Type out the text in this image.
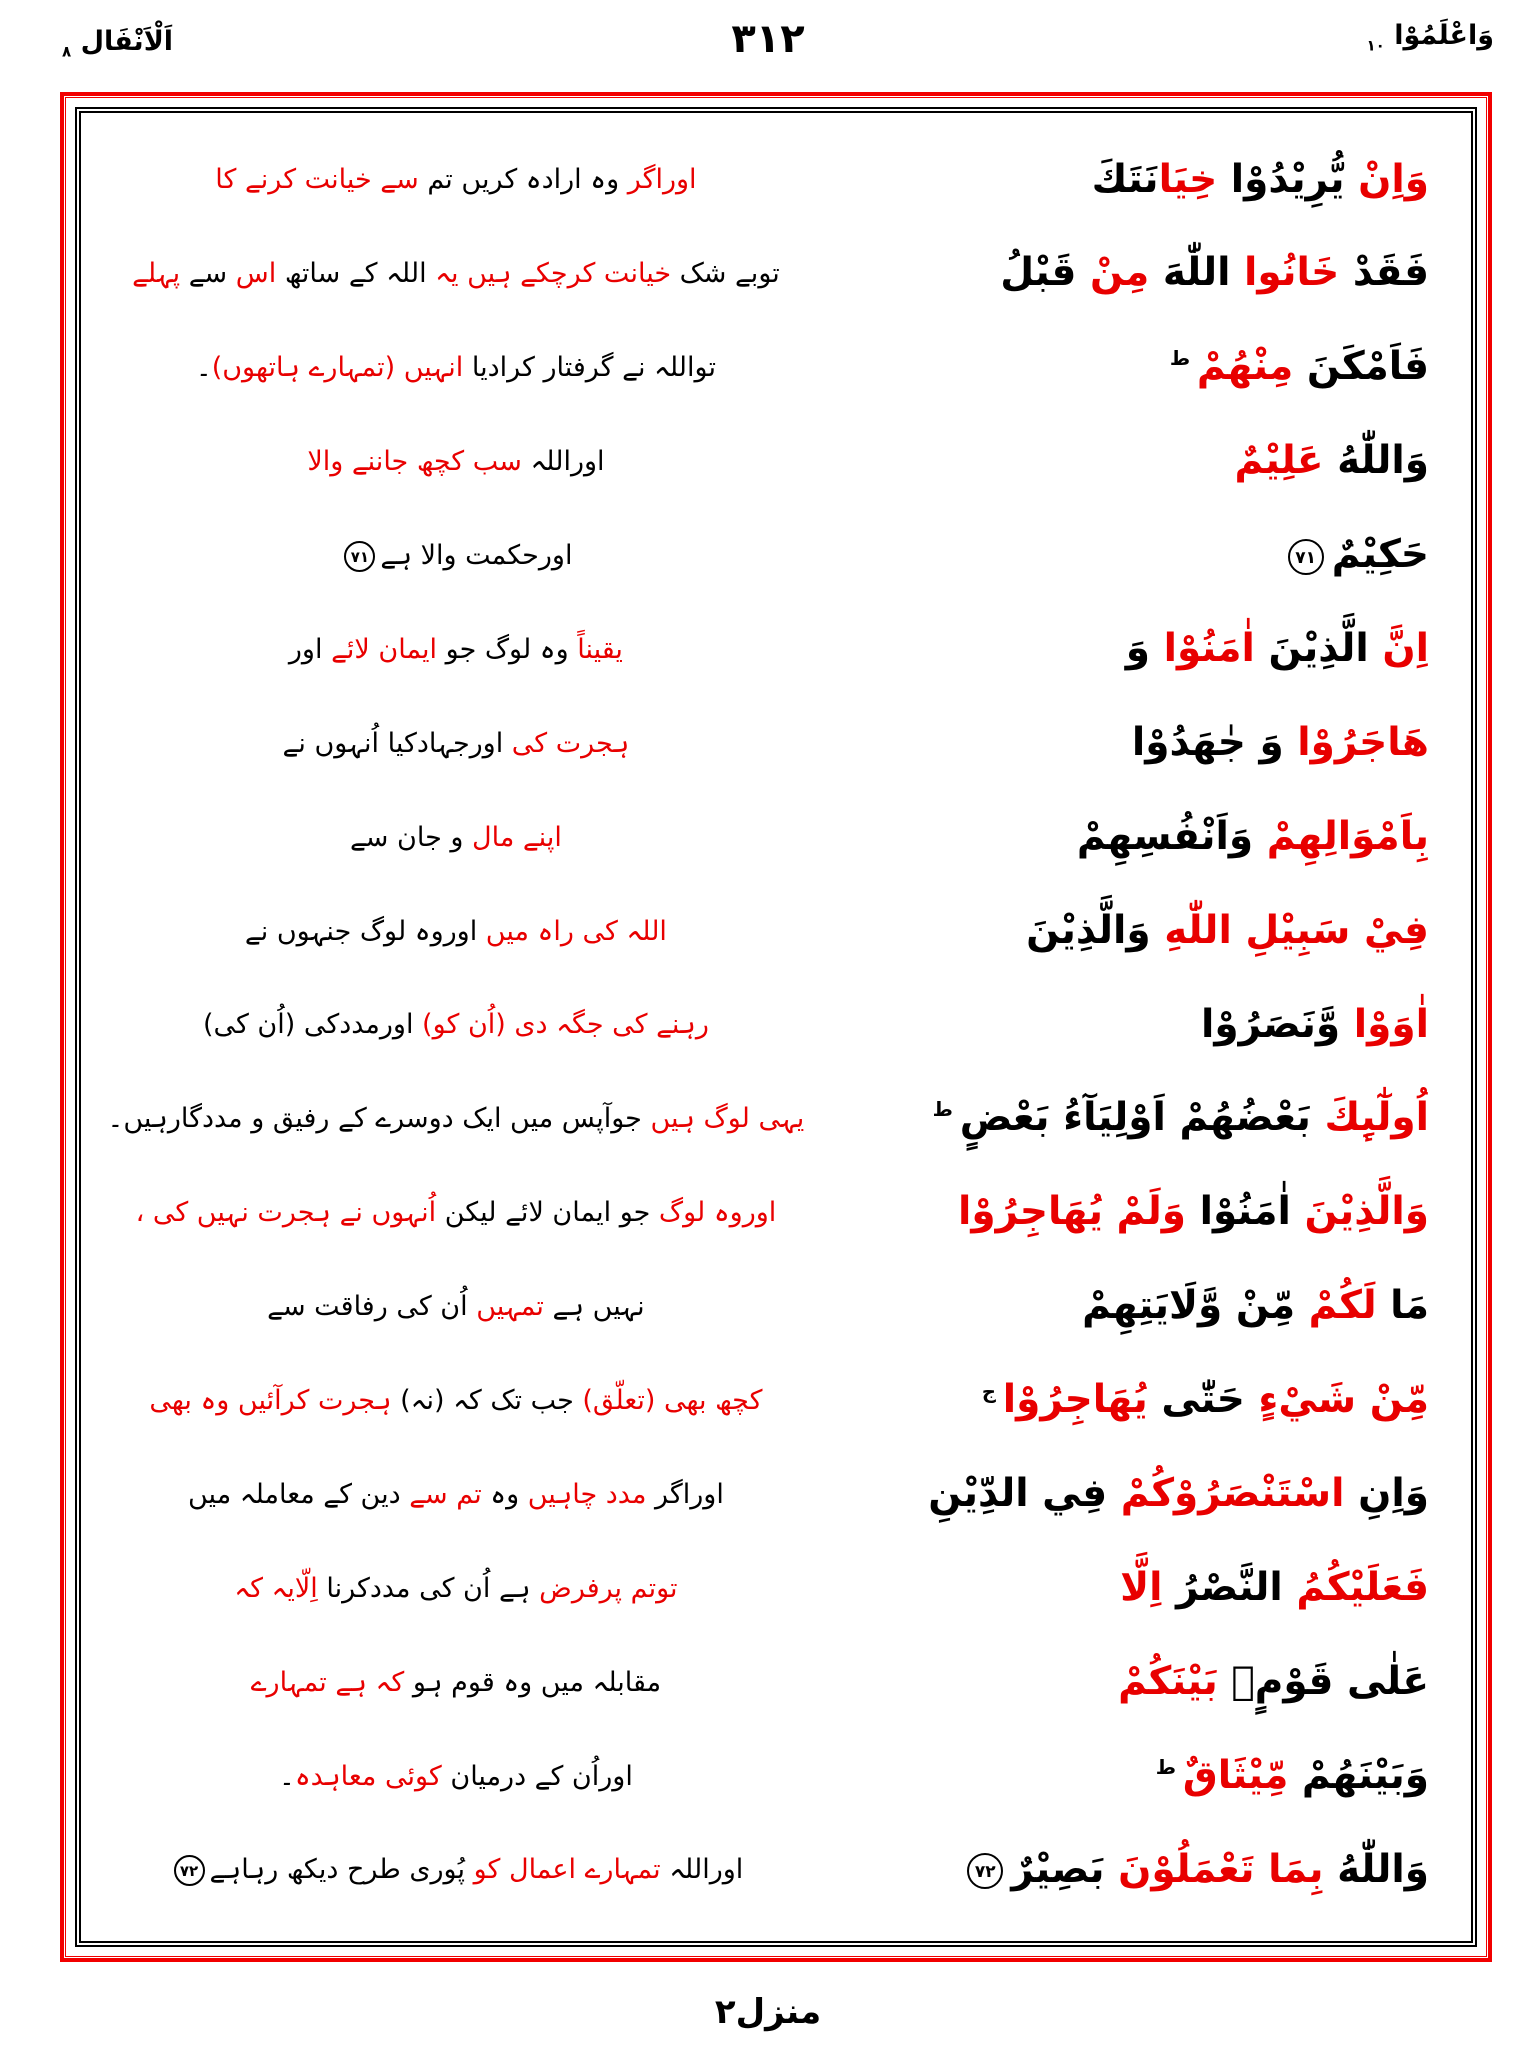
اَلْاَنْفَال $_۸$	۳۱۲	وَاعْلَمُوْا $_{۱۰}$
اوراگر وہ ارادہ کریں تم سے خیانت کرنے کا	وَاِنْ يُّرِيْدُوْا خِيَانَتَكَ
توبے شک خیانت کرچکے ہیں یہ اللہ کے ساتھ اس سے پہلے	فَقَدْ خَانُوا اللّٰهَ مِنْ قَبْلُ
تواللہ نے گرفتار کرادیا انہیں (تمہارے ہاتھوں)۔	فَاَمْكَنَ مِنْهُمْ $^ط$
اوراللہ سب کچھ جاننے والا	وَاللّٰهُ عَلِيْمٌ
اورحکمت والا ہے۷۱	حَكِيْمٌ۷۱
یقیناً وہ لوگ جو ایمان لائے اور	اِنَّ الَّذِيْنَ اٰمَنُوْا وَ
ہجرت کی اورجہادکیا اُنہوں نے	هَاجَرُوْا وَ جٰهَدُوْا
اپنے مال و جان سے	بِاَمْوَالِهِمْ وَاَنْفُسِهِمْ
اللہ کی راہ میں اوروہ لوگ جنہوں نے	فِيْ سَبِيْلِ اللّٰهِ وَالَّذِيْنَ
رہنے کی جگہ دی (اُن کو) اورمددکی (اُن کی)	اٰوَوْا وَّنَصَرُوْا
یہی لوگ ہیں جوآپس میں ایک دوسرے کے رفیق و مددگارہیں۔	اُولٰٓىِٕكَ بَعْضُهُمْ اَوْلِيَآءُ بَعْضٍ $^ط$
اوروہ لوگ جو ایمان لائے لیکن اُنہوں نے ہجرت نہیں کی ،	وَالَّذِيْنَ اٰمَنُوْا وَلَمْ يُهَاجِرُوْا
نہیں ہے تمہیں اُن کی رفاقت سے	مَا لَكُمْ مِّنْ وَّلَايَتِهِمْ
کچھ بھی (تعلّق) جب تک کہ (نہ) ہجرت کرآئیں وہ بھی	مِّنْ شَيْءٍ حَتّٰى يُهَاجِرُوْا $^ج$
اوراگر مدد چاہیں وہ تم سے دین کے معاملہ میں	وَاِنِ اسْتَنْصَرُوْكُمْ فِي الدِّيْنِ
توتم پرفرض ہے اُن کی مددکرنا اِلّایہ کہ	فَعَلَيْكُمُ النَّصْرُ اِلَّا
مقابلہ میں وہ قوم ہو کہ ہے تمہارے	عَلٰى قَوْمٍۭ بَيْنَكُمْ
اوراُن کے درمیان کوئی معاہدہ۔	وَبَيْنَهُمْ مِّيْثَاقٌ $^ط$
اوراللہ تمہارے اعمال کو پُوری طرح دیکھ رہاہے۷۲	وَاللّٰهُ بِمَا تَعْمَلُوْنَ بَصِيْرٌ۷۲
منزل۲
